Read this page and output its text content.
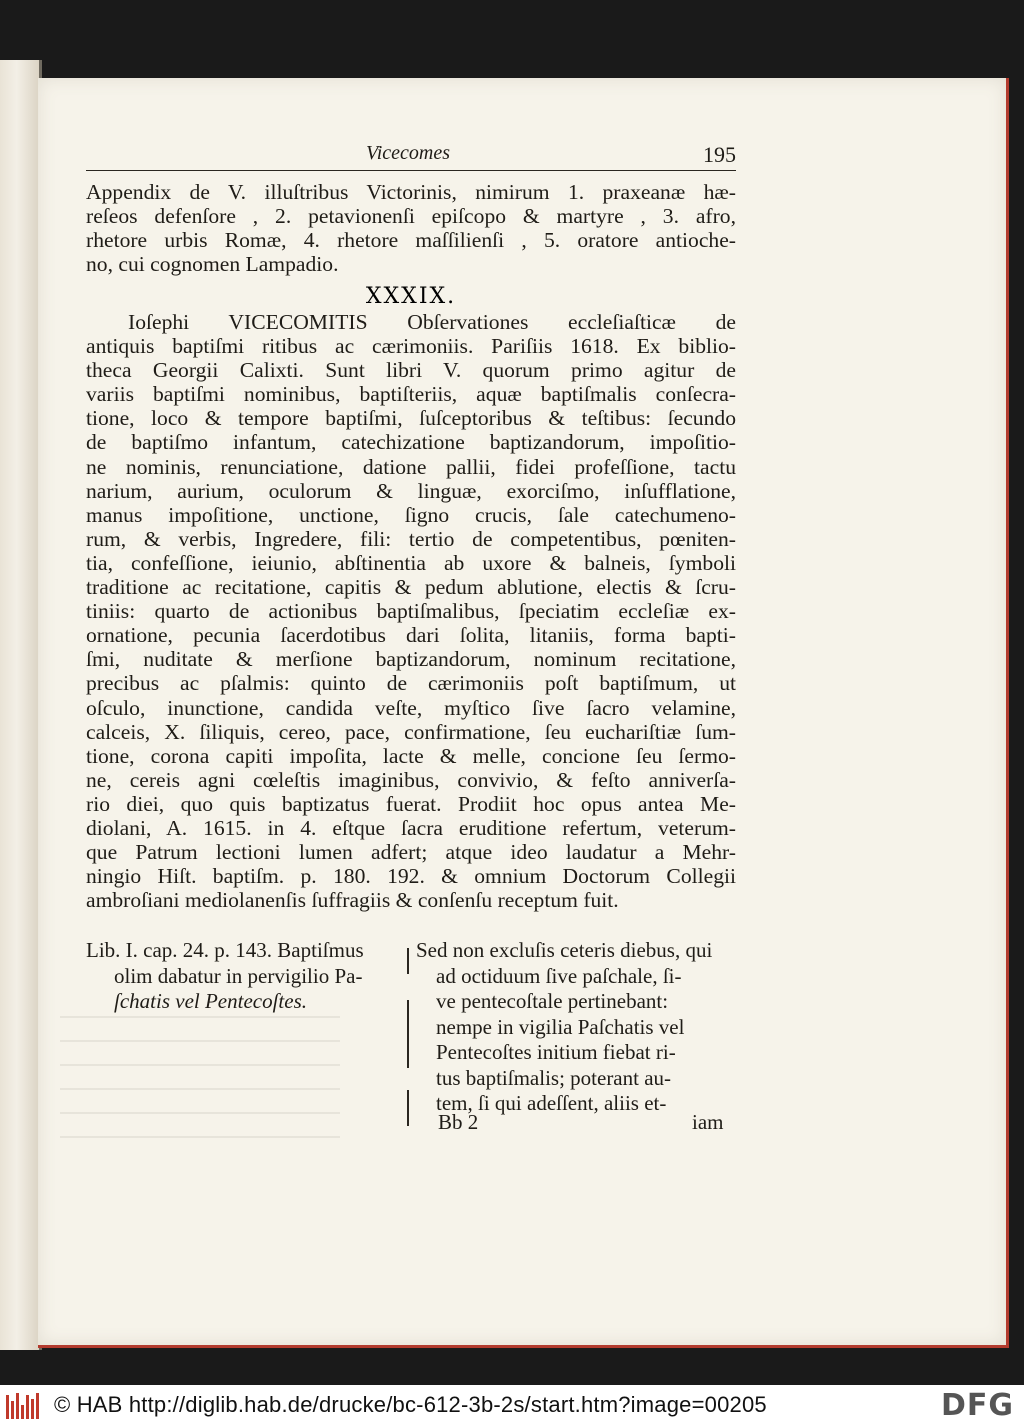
Vicecomes	195
Appendix de V. illuſtribus Victorinis, nimirum 1. praxeanæ hæ-
reſeos defenſore , 2. petavionenſi epiſcopo & martyre , 3. afro,
rhetore urbis Romæ, 4. rhetore maſſilienſi , 5. oratore antioche-
no, cui cognomen Lampadio.
XXXIX.
Ioſephi VICECOMITIS Obſervationes eccleſiaſticæ de
antiquis baptiſmi ritibus ac cærimoniis. Pariſiis 1618. Ex biblio-
theca Georgii Calixti. Sunt libri V. quorum primo agitur de
variis baptiſmi nominibus, baptiſteriis, aquæ baptiſmalis conſecra-
tione, loco & tempore baptiſmi, ſuſceptoribus & teſtibus: ſecundo
de baptiſmo infantum, catechizatione baptizandorum, impoſitio-
ne nominis, renunciatione, datione pallii, fidei profeſſione, tactu
narium, aurium, oculorum & linguæ, exorciſmo, inſufflatione,
manus impoſitione, unctione, ſigno crucis, ſale catechumeno-
rum, & verbis, Ingredere, fili: tertio de competentibus, pœniten-
tia, confeſſione, ieiunio, abſtinentia ab uxore & balneis, ſymboli
traditione ac recitatione, capitis & pedum ablutione, electis & ſcru-
tiniis: quarto de actionibus baptiſmalibus, ſpeciatim eccleſiæ ex-
ornatione, pecunia ſacerdotibus dari ſolita, litaniis, forma bapti-
ſmi, nuditate & merſione baptizandorum, nominum recitatione,
precibus ac pſalmis: quinto de cærimoniis poſt baptiſmum, ut
oſculo, inunctione, candida veſte, myſtico ſive ſacro velamine,
calceis, X. ſiliquis, cereo, pace, confirmatione, ſeu euchariſtiæ ſum-
tione, corona capiti impoſita, lacte & melle, concione ſeu ſermo-
ne, cereis agni cœleſtis imaginibus, convivio, & feſto anniverſa-
rio diei, quo quis baptizatus fuerat. Prodiit hoc opus antea Me-
diolani, A. 1615. in 4. eſtque ſacra eruditione refertum, veterum-
que Patrum lectioni lumen adfert; atque ideo laudatur a Mehr-
ningio Hiſt. baptiſm. p. 180. 192. & omnium Doctorum Collegii
ambroſiani mediolanenſis ſuffragiis & conſenſu receptum fuit.
Lib. I. cap. 24. p. 143. Baptiſmus
olim dabatur in pervigilio Pa-
ſchatis vel Pentecoſtes.
Sed non excluſis ceteris diebus, qui
ad octiduum ſive paſchale, ſi-
ve pentecoſtale pertinebant:
nempe in vigilia Paſchatis vel
Pentecoſtes initium fiebat ri-
tus baptiſmalis; poterant au-
tem, ſi qui adeſſent, aliis et-
Bb 2	iam
© HAB http://diglib.hab.de/drucke/bc-612-3b-2s/start.htm?image=00205	DFG
